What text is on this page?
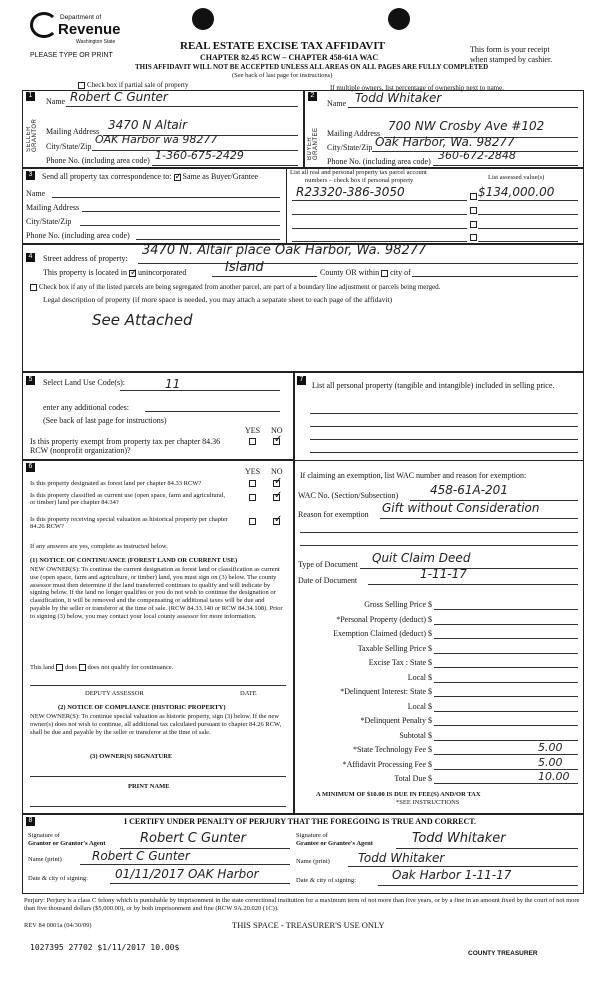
Department of
Revenue
Washington State
PLEASE TYPE OR PRINT
REAL ESTATE EXCISE TAX AFFIDAVIT
CHAPTER 82.45 RCW – CHAPTER 458-61A WAC
THIS AFFIDAVIT WILL NOT BE ACCEPTED UNLESS ALL AREAS ON ALL PAGES ARE FULLY COMPLETED
(See back of last page for instructions)
This form is your receipt
when stamped by cashier.
Check box if partial sale of property	If multiple owners, list percentage of ownership next to name.
1	2
SELLER GRANTOR	BUYER GRANTEE
Name Robert C Gunter
Mailing Address 3470 N Altair
City/State/Zip
OAK Harbor wa 98277
Phone No. (including area code) 1-360-675-2429
Name Todd Whitaker
Mailing Address
700 NW Crosby Ave #102
City/State/Zip Oak Harbor, Wa. 98277
Phone No. (including area code) 360-672-2848
3	Send all property tax correspondence to: ✓ Same as Buyer/Grantee
Name
Mailing Address
City/State/Zip
Phone No. (including area code)
List all real and personal property tax parcel account
numbers – check box if personal property	List assessed value(s)
R23320-386-3050	$134,000.00
4	Street address of property:
3470 N. Altair place Oak Harbor, Wa. 98277
This property is located in ✓ unincorporated	Island	County OR within city of
Check box if any of the listed parcels are being segregated from another parcel, are part of a boundary line adjustment or parcels being merged.
Legal description of property (if more space is needed, you may attach a separate sheet to each page of the affidavit)
See Attached
5	7
Select Land Use Code(s):	11
enter any additional codes:
(See back of last page for instructions)
YES NO
Is this property exempt from property tax per chapter 84.36 RCW (nonprofit organization)?
✓
List all personal property (tangible and intangible) included in selling price.
6
YES NO
Is this property designated as forest land per chapter 84.33 RCW?	✓
Is this property classified as current use (open space, farm and agricultural, or timber) land per chapter 84.34?
✓
Is this property receiving special valuation as historical property per chapter 84.26 RCW?
✓
If any answers are yes, complete as instructed below.
(1) NOTICE OF CONTINUANCE (FOREST LAND OR CURRENT USE)
NEW OWNER(S): To continue the current designation as forest land or classification as current use (open space, farm and agriculture, or timber) land, you must sign on (3) below. The county assessor must then determine if the land transferred continues to qualify and will indicate by signing below. If the land no longer qualifies or you do not wish to continue the designation or classification, it will be removed and the compensating or additional taxes will be due and payable by the seller or transferor at the time of sale. (RCW 84.33.140 or RCW 84.34.108). Prior to signing (3) below, you may contact your local county assessor for more information.
This land does does not qualify for continuance.
DEPUTY ASSESSOR	DATE
(2) NOTICE OF COMPLIANCE (HISTORIC PROPERTY)
NEW OWNER(S): To continue special valuation as historic property, sign (3) below. If the new owner(s) does not wish to continue, all additional tax calculated pursuant to chapter 84.26 RCW, shall be due and payable by the seller or transferor at the time of sale.
(3) OWNER(S) SIGNATURE
PRINT NAME
If claiming an exemption, list WAC number and reason for exemption:
WAC No. (Section/Subsection)	458-61A-201
Reason for exemption Gift without Consideration
Type of Document Quit Claim Deed
Date of Document	1-11-17
Gross Selling Price $
*Personal Property (deduct) $
Exemption Claimed (deduct) $
Taxable Selling Price $
Excise Tax : State $
Local $
*Delinquent Interest: State $
Local $
*Delinquent Penalty $
Subtotal $
*State Technology Fee $	5.00
*Affidavit Processing Fee $	5.00
Total Due $	10.00
A MINIMUM OF $10.00 IS DUE IN FEE(S) AND/OR TAX
*SEE INSTRUCTIONS
8	I CERTIFY UNDER PENALTY OF PERJURY THAT THE FOREGOING IS TRUE AND CORRECT.
Signature of
Grantor or Grantor's Agent	Robert C Gunter	Signature of
Grantee or Grantee's Agent	Todd Whitaker
Name (print)	Robert C Gunter	Name (print) Todd Whitaker
Date & city of signing: 01/11/2017 OAK Harbor	Date & city of signing:	Oak Harbor 1-11-17
Perjury: Perjury is a class C felony which is punishable by imprisonment in the state correctional institution for a maximum term of not more than five years, or by a fine in an amount fixed by the court of not more than five thousand dollars ($5,000.00), or by both imprisonment and fine (RCW 9A.20.020 (1C)).
REV 84 0001a (04/30/09)	THIS SPACE - TREASURER'S USE ONLY
1027395 27702 $1/11/2017 10.00$
COUNTY TREASURER
